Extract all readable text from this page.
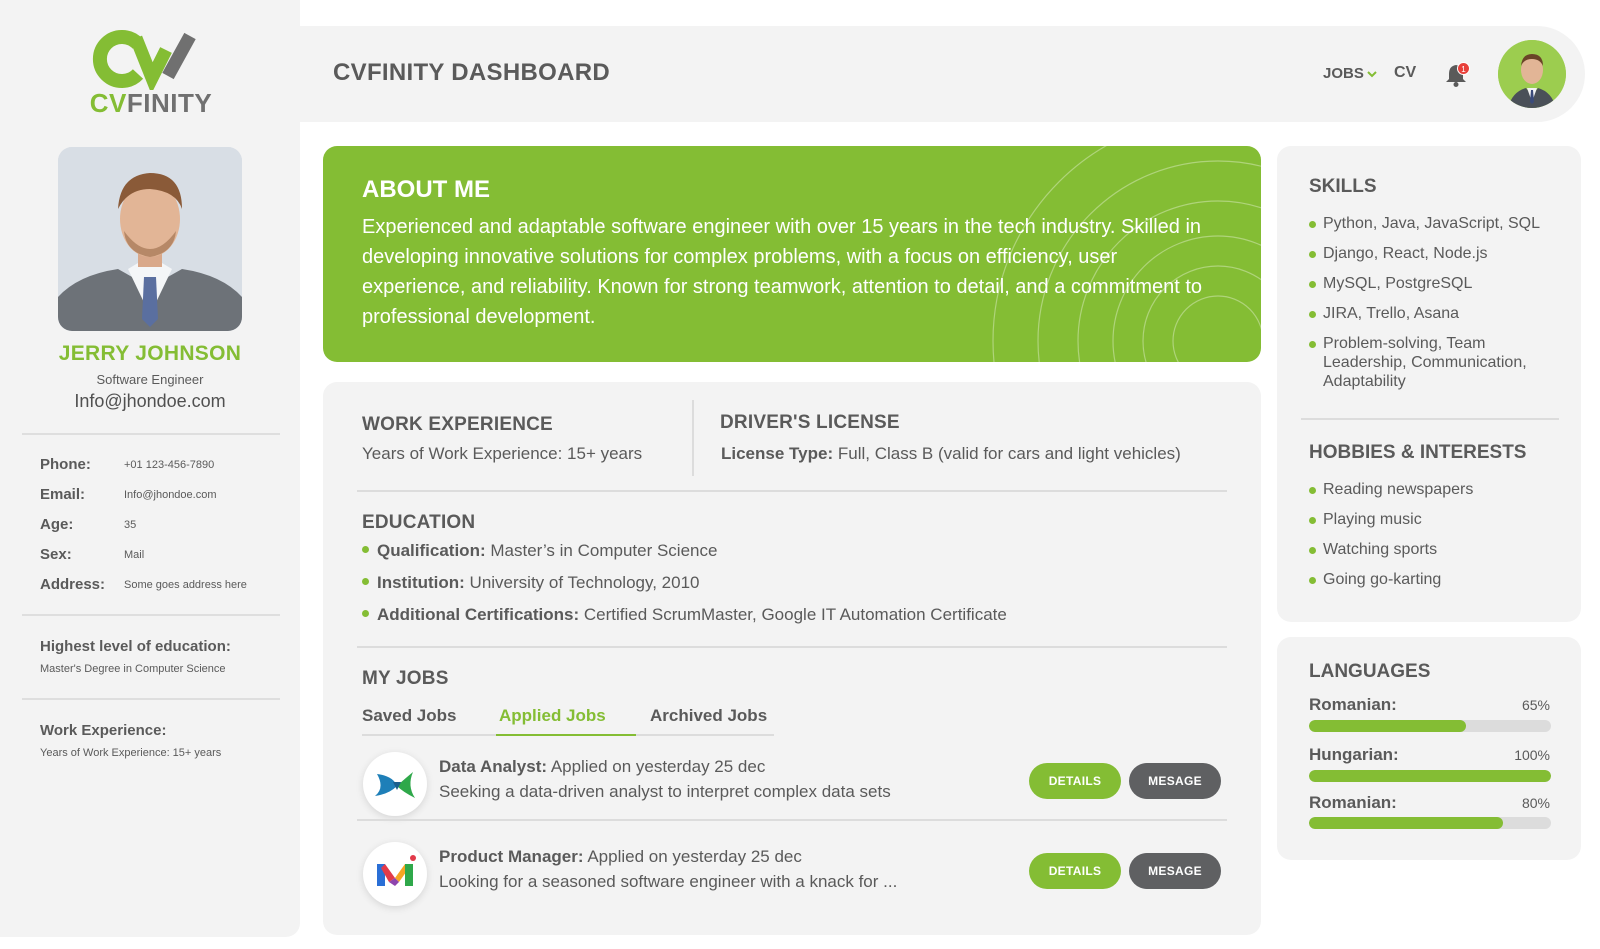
CVFINITY
JERRY JOHNSON
Software Engineer
Info@jhondoe.com
Phone:	+01 123-456-7890
Email:	Info@jhondoe.com
Age:	35
Sex:	Mail
Address: Some goes address here
Highest level of education:
Master's Degree in Computer Science
Work Experience:
Years of Work Experience: 15+ years
CVFINITY DASHBOARD	JOBS CV	1
ABOUT ME
Experienced and adaptable software engineer with over 15 years in the tech industry. Skilled in developing innovative solutions for complex problems, with a focus on efficiency, user experience, and reliability. Known for strong teamwork, attention to detail, and a commitment to professional development.
WORK EXPERIENCE
Years of Work Experience: 15+ years
DRIVER'S LICENSE
License Type: Full, Class B (valid for cars and light vehicles)
EDUCATION
Qualification: Master’s in Computer Science
Institution: University of Technology, 2010
Additional Certifications: Certified ScrumMaster, Google IT Automation Certificate
MY JOBS
Saved Jobs	Applied Jobs	Archived Jobs
Data Analyst: Applied on yesterday 25 dec
Seeking a data-driven analyst to interpret complex data sets
DETAILS	MESAGE
Product Manager: Applied on yesterday 25 dec
Looking for a seasoned software engineer with a knack for ...
DETAILS	MESAGE
SKILLS
Python, Java, JavaScript, SQL
Django, React, Node.js
MySQL, PostgreSQL
JIRA, Trello, Asana
Problem-solving, Team Leadership, Communication, Adaptability
HOBBIES & INTERESTS
Reading newspapers
Playing music
Watching sports
Going go-karting
LANGUAGES
Romanian:	65%
Hungarian:	100%
Romanian:	80%
